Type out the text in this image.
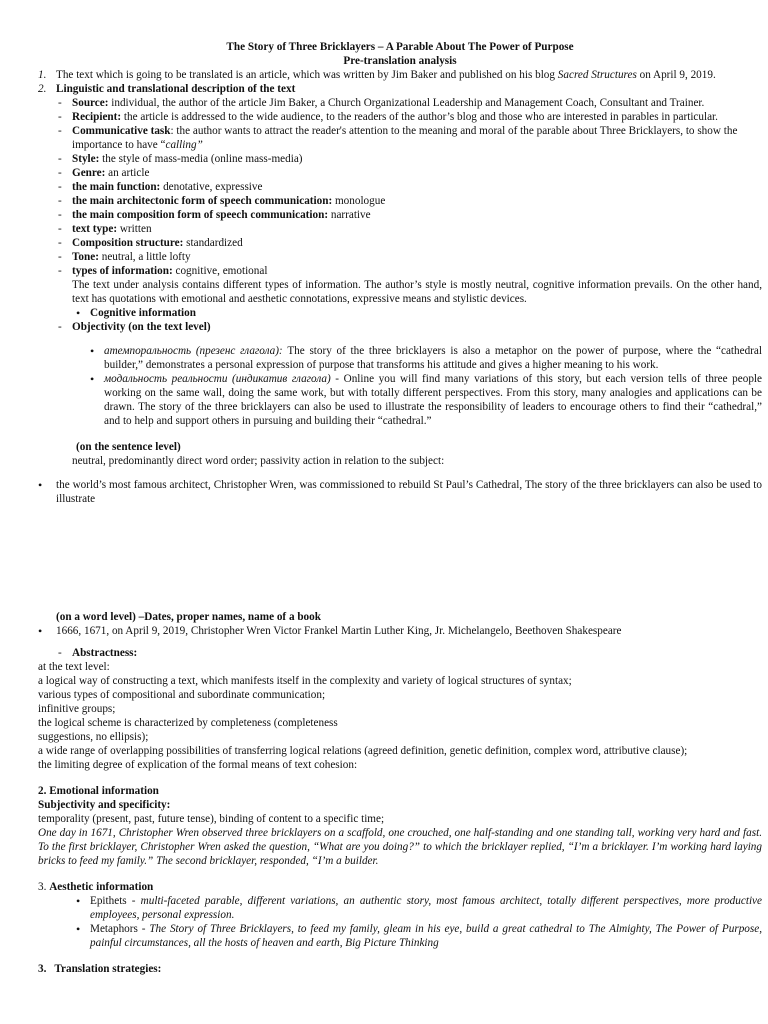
The Story of Three Bricklayers – A Parable About The Power of Purpose
Pre-translation analysis
1. The text which is going to be translated is an article, which was written by Jim Baker and published on his blog Sacred Structures on April 9, 2019.
2. Linguistic and translational description of the text
- Source: individual, the author of the article Jim Baker, a Church Organizational Leadership and Management Coach, Consultant and Trainer.
- Recipient: the article is addressed to the wide audience, to the readers of the author’s blog and those who are interested in parables in particular.
- Communicative task: the author wants to attract the reader's attention to the meaning and moral of the parable about Three Bricklayers, to show the importance to have “calling”
- Style: the style of mass-media (online mass-media)
- Genre: an article
- the main function: denotative, expressive
- the main architectonic form of speech communication: monologue
- the main composition form of speech communication: narrative
- text type: written
- Composition structure: standardized
- Tone: neutral, a little lofty
- types of information: cognitive, emotional
The text under analysis contains different types of information. The author’s style is mostly neutral, cognitive information prevails. On the other hand, text has quotations with emotional and aesthetic connotations, expressive means and stylistic devices.
• Cognitive information
- Objectivity (on the text level)
• атемпоральность (презенс глагола): The story of the three bricklayers is also a metaphor on the power of purpose, where the “cathedral builder,” demonstrates a personal expression of purpose that transforms his attitude and gives a higher meaning to his work.
• модальность реальности (индикатив глагола) - Online you will find many variations of this story, but each version tells of three people working on the same wall, doing the same work, but with totally different perspectives. From this story, many analogies and applications can be drawn. The story of the three bricklayers can also be used to illustrate the responsibility of leaders to encourage others to find their “cathedral,” and to help and support others in pursuing and building their “cathedral.”
(on the sentence level)
neutral, predominantly direct word order; passivity action in relation to the subject:
• the world’s most famous architect, Christopher Wren, was commissioned to rebuild St Paul’s Cathedral, The story of the three bricklayers can also be used to illustrate
(on a word level) –Dates, proper names, name of a book
• 1666, 1671, on April 9, 2019, Christopher Wren Victor Frankel Martin Luther King, Jr. Michelangelo, Beethoven Shakespeare
- Abstractness:
at the text level:
a logical way of constructing a text, which manifests itself in the complexity and variety of logical structures of syntax;
various types of compositional and subordinate communication;
infinitive groups;
the logical scheme is characterized by completeness (completeness
suggestions, no ellipsis);
a wide range of overlapping possibilities of transferring logical relations (agreed definition, genetic definition, complex word, attributive clause);
the limiting degree of explication of the formal means of text cohesion:
2. Emotional information
Subjectivity and specificity:
temporality (present, past, future tense), binding of content to a specific time;
One day in 1671, Christopher Wren observed three bricklayers on a scaffold, one crouched, one half-standing and one standing tall, working very hard and fast. To the first bricklayer, Christopher Wren asked the question, “What are you doing?” to which the bricklayer replied, “I’m a bricklayer. I’m working hard laying bricks to feed my family.” The second bricklayer, responded, “I’m a builder.
3. Aesthetic information
• Epithets - multi-faceted parable, different variations, an authentic story, most famous architect, totally different perspectives, more productive employees, personal expression.
• Metaphors - The Story of Three Bricklayers, to feed my family, gleam in his eye, build a great cathedral to The Almighty, The Power of Purpose, painful circumstances, all the hosts of heaven and earth, Big Picture Thinking
3. Translation strategies:
